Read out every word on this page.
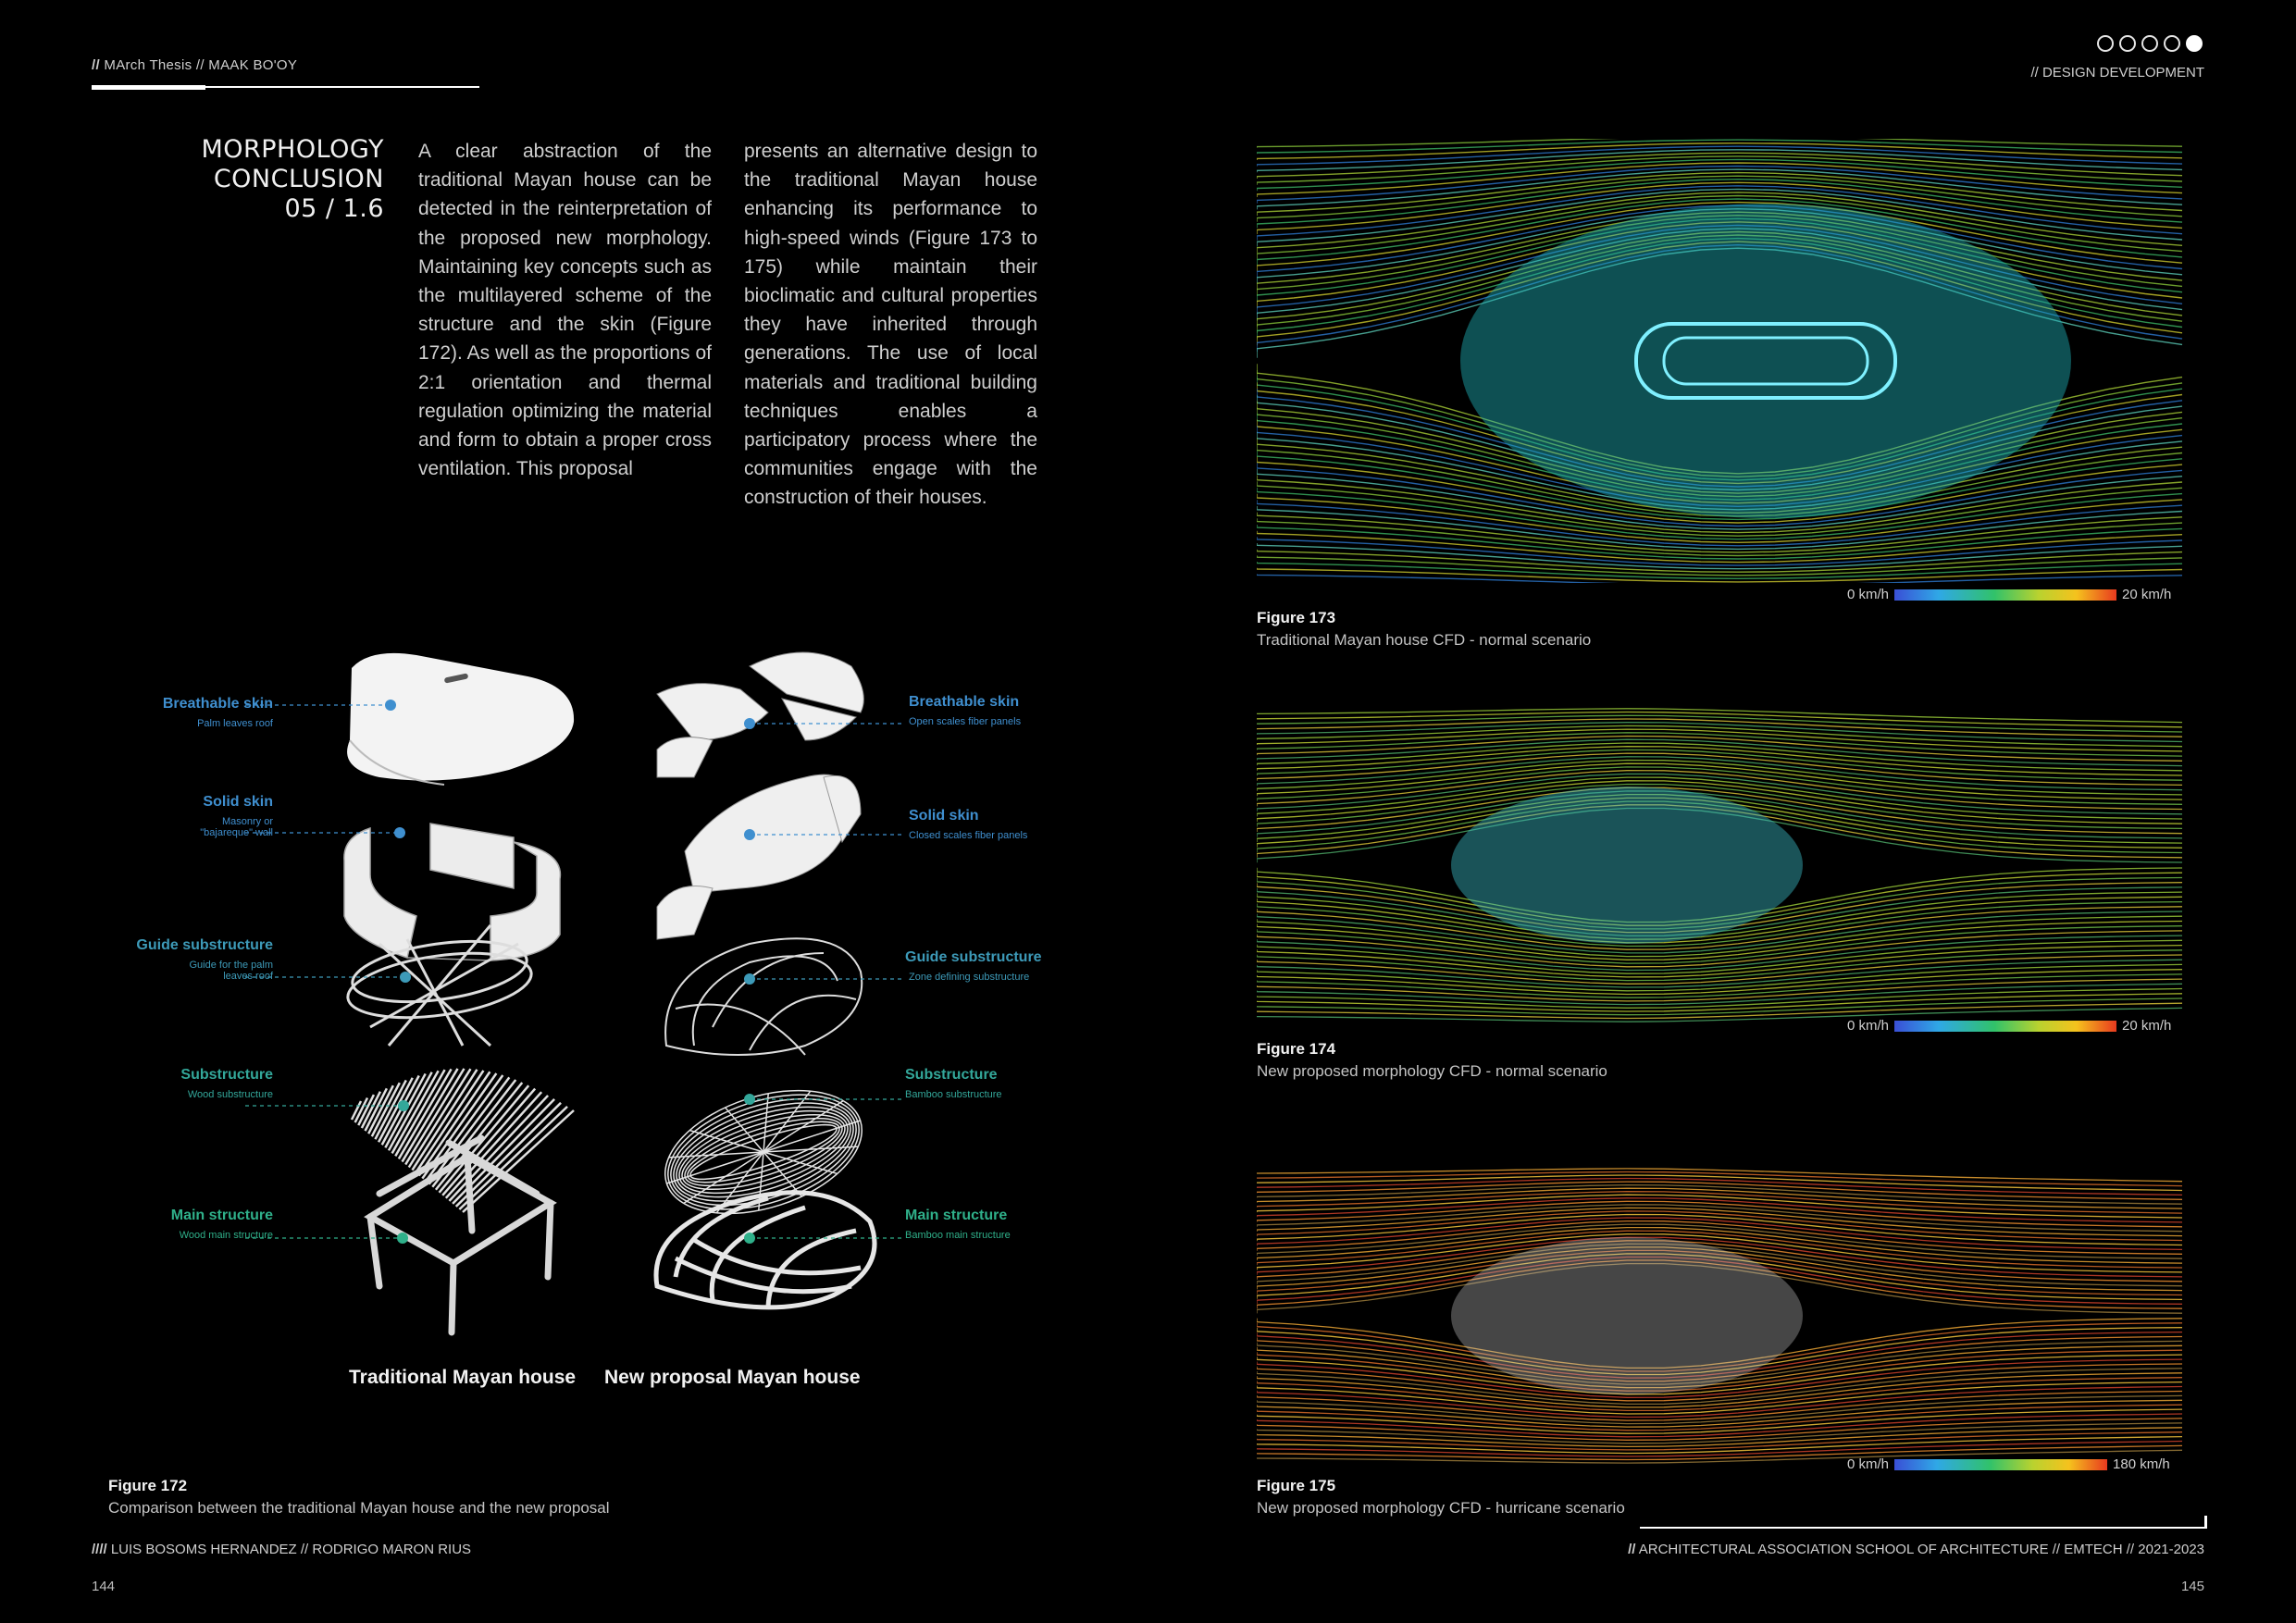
// MArch Thesis // MAAK BO'OY	// DESIGN DEVELOPMENT
MORPHOLOGY
CONCLUSION
05 / 1.6
A clear abstraction of the traditional Mayan house can be detected in the reinterpretation of the proposed new morphology. Maintaining key concepts such as the multilayered scheme of the structure and the skin (Figure 172). As well as the proportions of 2:1 orientation and thermal regulation optimizing the material and form to obtain a proper cross ventilation. This proposal
presents an alternative design to the traditional Mayan house enhancing its performance to high-speed winds (Figure 173 to 175) while maintain their bioclimatic and cultural properties they have inherited through generations. The use of local materials and traditional building techniques enables a participatory process where the communities engage with the construction of their houses.
Breathable skin
Palm leaves roof
Solid skin
Masonry or "bajareque" wall
Guide substructure
Guide for the palm leaves roof
Substructure
Wood substructure
Main structure
Wood main structure
Breathable skin
Open scales fiber panels
Solid skin
Closed scales fiber panels
Guide substructure
Zone defining substructure
Substructure
Bamboo substructure
Main structure
Bamboo main structure
Traditional Mayan house New proposal Mayan house
Figure 172
Comparison between the traditional Mayan house and the new proposal
0 km/h	20 km/h
Figure 173
Traditional Mayan house CFD - normal scenario
0 km/h	20 km/h
Figure 174
New proposed morphology CFD - normal scenario
0 km/h	180 km/h
Figure 175
New proposed morphology CFD - hurricane scenario
//// LUIS BOSOMS HERNANDEZ // RODRIGO MARON RIUS	// ARCHITECTURAL ASSOCIATION SCHOOL OF ARCHITECTURE // EMTECH // 2021-2023
144	145
